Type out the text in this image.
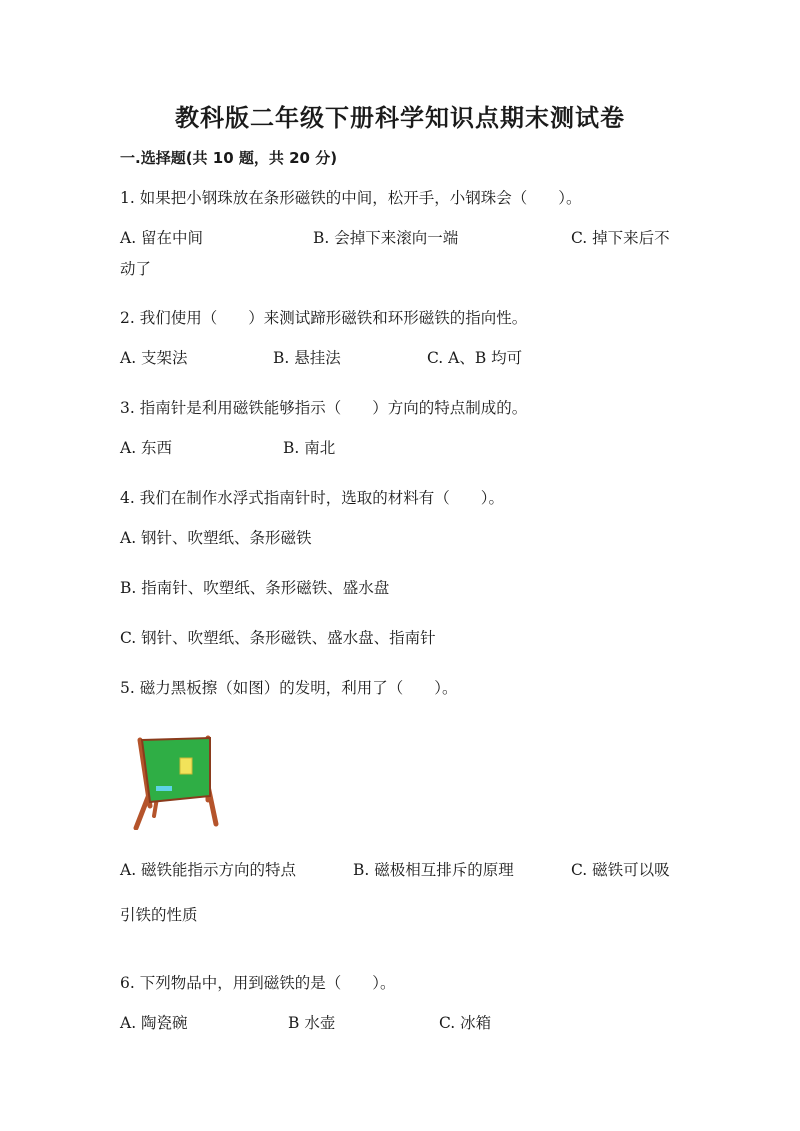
教科版二年级下册科学知识点期末测试卷
一.选择题(共 10 题，共 20 分)
1. 如果把小钢珠放在条形磁铁的中间，松开手，小钢珠会（　　）。
A. 留在中间	B. 会掉下来滚向一端	C. 掉下来后不
动了
2. 我们使用（　　）来测试蹄形磁铁和环形磁铁的指向性。
A. 支架法	B. 悬挂法	C. A、B 均可
3. 指南针是利用磁铁能够指示（　　）方向的特点制成的。
A. 东西	B. 南北
4. 我们在制作水浮式指南针时，选取的材料有（　　）。
A. 钢针、吹塑纸、条形磁铁
B. 指南针、吹塑纸、条形磁铁、盛水盘
C. 钢针、吹塑纸、条形磁铁、盛水盘、指南针
5. 磁力黑板擦（如图）的发明，利用了（　　）。
A. 磁铁能指示方向的特点	B. 磁极相互排斥的原理	C. 磁铁可以吸
引铁的性质
6. 下列物品中，用到磁铁的是（　　）。
A. 陶瓷碗	B 水壶	C. 冰箱
